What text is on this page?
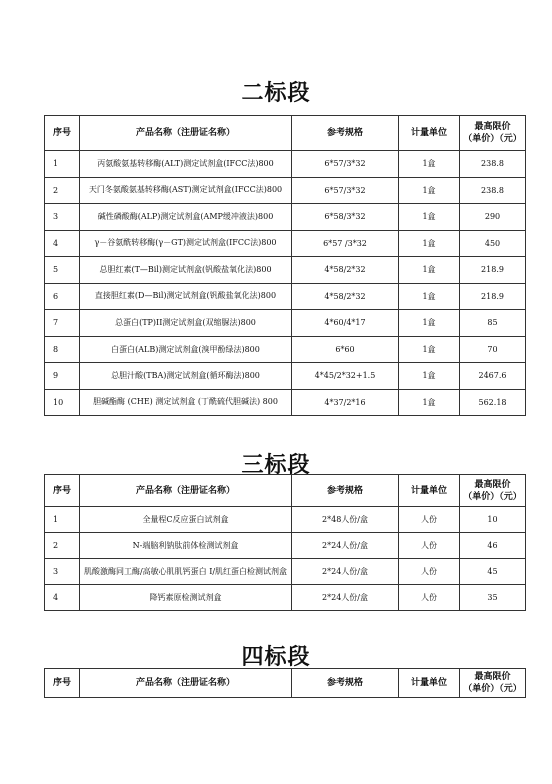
二标段
序号	产品名称（注册证名称）	参考规格	计量单位	最高限价
（单价）（元）
1	丙氨酸氨基转移酶(ALT)测定试剂盒(IFCC法)800	6*57/3*32	1盒	238.8
2	天门冬氨酸氨基转移酶(AST)测定试剂盒(IFCC法)800	6*57/3*32	1盒	238.8
3	碱性磷酸酶(ALP)测定试剂盒(AMP缓冲液法)800	6*58/3*32	1盒	290
4	γ－谷氨酰转移酶(γ－GT)测定试剂盒(IFCC法)800	6*57 /3*32	1盒	450
5	总胆红素(T—Bil)测定试剂盒(钒酸盐氧化法)800	4*58/2*32	1盒	218.9
6	直接胆红素(D—Bil)测定试剂盒(钒酸盐氧化法)800	4*58/2*32	1盒	218.9
7	总蛋白(TP)II测定试剂盒(双缩脲法)800	4*60/4*17	1盒	85
8	白蛋白(ALB)测定试剂盒(溴甲酚绿法)800	6*60	1盒	70
9	总胆汁酸(TBA)测定试剂盒(循环酶法)800	4*45/2*32+1.5	1盒	2467.6
10	胆碱酯酶 (CHE) 测定试剂盒 (丁酰硫代胆碱法) 800	4*37/2*16	1盒	562.18
三标段
序号	产品名称（注册证名称）	参考规格	计量单位	最高限价
（单价）（元）
1	全量程C反应蛋白试剂盒	2*48人份/盒	人份	10
2	N-端脑利钠肽前体检测试剂盒	2*24人份/盒	人份	46
3	肌酸激酶同工酶/高敏心肌肌钙蛋白 I/肌红蛋白检测试剂盒	2*24人份/盒	人份	45
4	降钙素原检测试剂盒	2*24人份/盒	人份	35
四标段
序号	产品名称（注册证名称）	参考规格	计量单位	最高限价
（单价）（元）
